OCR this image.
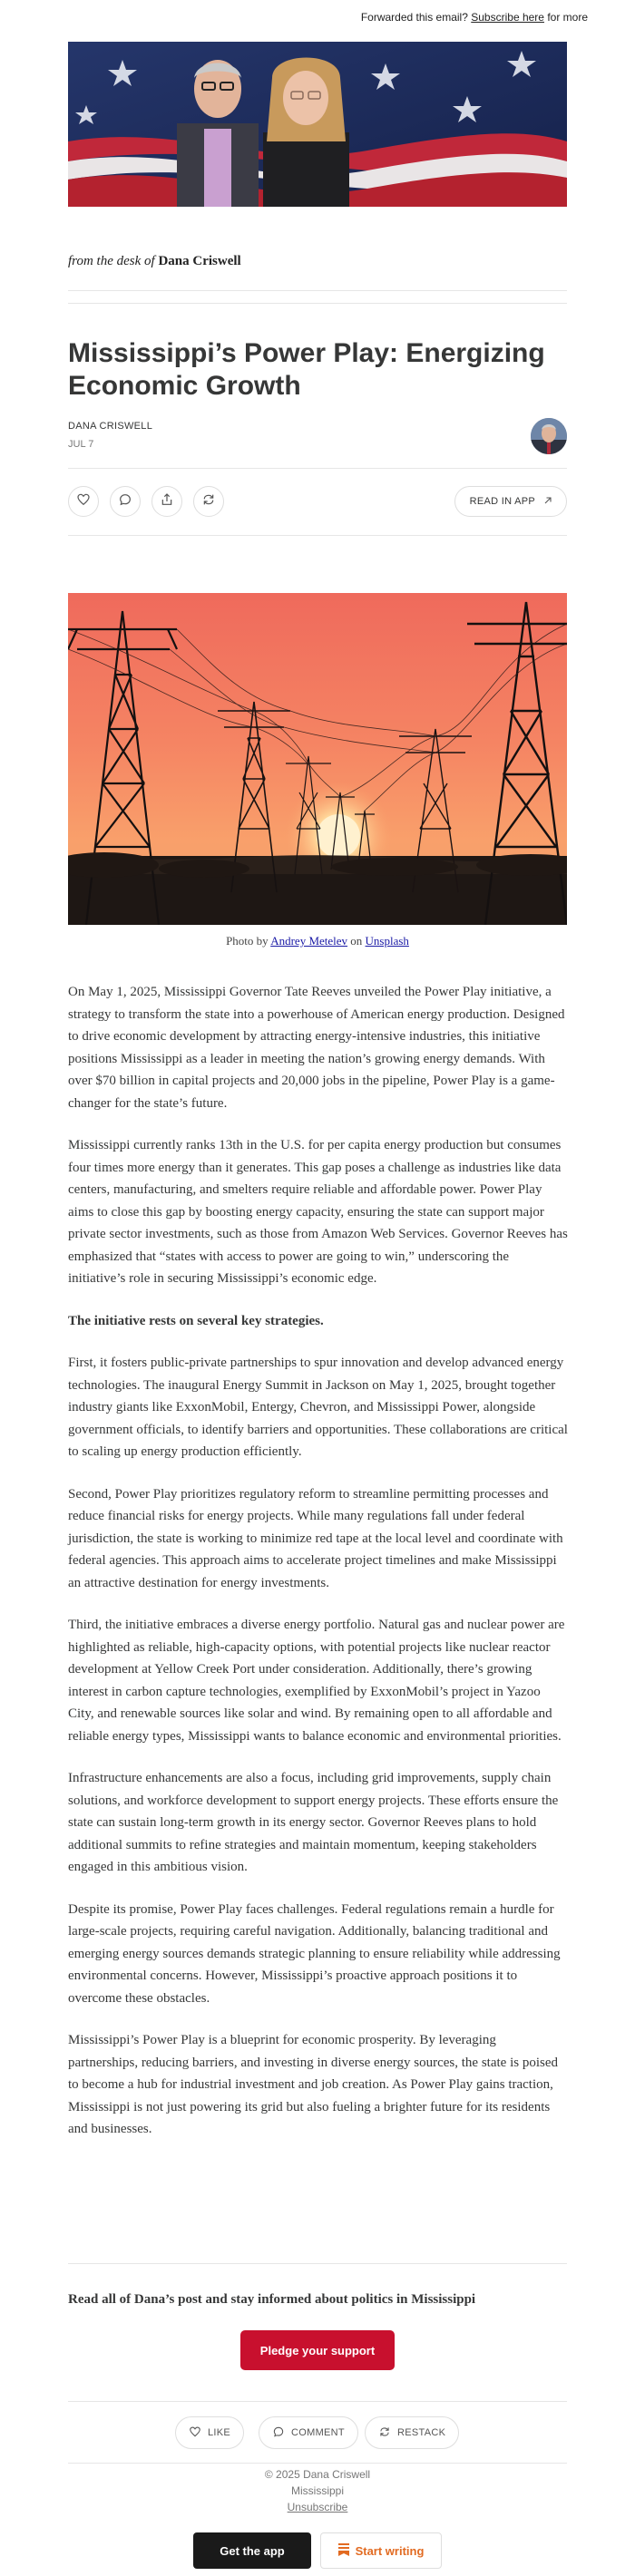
Forwarded this email? Subscribe here for more
from the desk of Dana Criswell
Mississippi’s Power Play: Energizing Economic Growth
DANA CRISWELL
JUL 7
READ IN APP
Photo by Andrey Metelev on Unsplash

On May 1, 2025, Mississippi Governor Tate Reeves unveiled the Power Play initiative, a strategy to transform the state into a powerhouse of American energy production. Designed to drive economic development by attracting energy-intensive industries, this initiative positions Mississippi as a leader in meeting the nation’s growing energy demands. With over $70 billion in capital projects and 20,000 jobs in the pipeline, Power Play is a game-changer for the state’s future.

Mississippi currently ranks 13th in the U.S. for per capita energy production but consumes four times more energy than it generates. This gap poses a challenge as industries like data centers, manufacturing, and smelters require reliable and affordable power. Power Play aims to close this gap by boosting energy capacity, ensuring the state can support major private sector investments, such as those from Amazon Web Services. Governor Reeves has emphasized that “states with access to power are going to win,” underscoring the initiative’s role in securing Mississippi’s economic edge.

The initiative rests on several key strategies.

First, it fosters public-private partnerships to spur innovation and develop advanced energy technologies. The inaugural Energy Summit in Jackson on May 1, 2025, brought together industry giants like ExxonMobil, Entergy, Chevron, and Mississippi Power, alongside government officials, to identify barriers and opportunities. These collaborations are critical to scaling up energy production efficiently.

Second, Power Play prioritizes regulatory reform to streamline permitting processes and reduce financial risks for energy projects. While many regulations fall under federal jurisdiction, the state is working to minimize red tape at the local level and coordinate with federal agencies. This approach aims to accelerate project timelines and make Mississippi an attractive destination for energy investments.

Third, the initiative embraces a diverse energy portfolio. Natural gas and nuclear power are highlighted as reliable, high-capacity options, with potential projects like nuclear reactor development at Yellow Creek Port under consideration. Additionally, there’s growing interest in carbon capture technologies, exemplified by ExxonMobil’s project in Yazoo City, and renewable sources like solar and wind. By remaining open to all affordable and reliable energy types, Mississippi wants to balance economic and environmental priorities.

Infrastructure enhancements are also a focus, including grid improvements, supply chain solutions, and workforce development to support energy projects. These efforts ensure the state can sustain long-term growth in its energy sector. Governor Reeves plans to hold additional summits to refine strategies and maintain momentum, keeping stakeholders engaged in this ambitious vision.

Despite its promise, Power Play faces challenges. Federal regulations remain a hurdle for large-scale projects, requiring careful navigation. Additionally, balancing traditional and emerging energy sources demands strategic planning to ensure reliability while addressing environmental concerns. However, Mississippi’s proactive approach positions it to overcome these obstacles.

Mississippi’s Power Play is a blueprint for economic prosperity. By leveraging partnerships, reducing barriers, and investing in diverse energy sources, the state is poised to become a hub for industrial investment and job creation. As Power Play gains traction, Mississippi is not just powering its grid but also fueling a brighter future for its residents and businesses.

Read all of Dana’s post and stay informed about politics in Mississippi
Pledge your support
LIKE	COMMENT	RESTACK
© 2025 Dana Criswell
Mississippi
Unsubscribe
Get the app	Start writing
